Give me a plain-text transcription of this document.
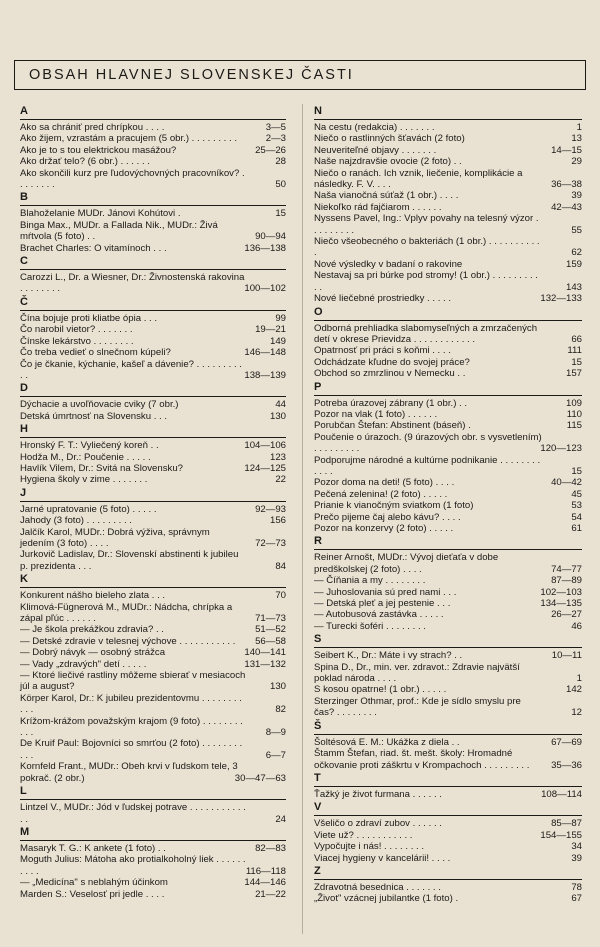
OBSAH HLAVNEJ SLOVENSKEJ ČASTI
A
Ako sa chrániť pred chrípkou . . . .	3—5
Ako žijem, vzrastám a pracujem (5 obr.) . . . . . . . . .	2—3
Ako je to s tou elektrickou masážou?	25—26
Ako držať telo? (6 obr.) . . . . . .	28
Ako skončili kurz pre ľudovýchovných pracovníkov? . . . . . . . .	50
B
Blahoželanie MUDr. Jánovi Kohútovi .	15
Binga Max., MUDr. a Fallada Nik., MUDr.: Živá mŕtvola (5 foto) . .	90—94
Brachet Charles: O vitamínoch . . .	136—138
C
Carozzi L., Dr. a Wiesner, Dr.: Živnostenská rakovina . . . . . . . .	100—102
Č
Čína bojuje proti kliatbe ópia . . .	99
Čo narobil vietor? . . . . . . .	19—21
Čínske lekárstvo . . . . . . . .	149
Čo treba vedieť o slnečnom kúpeli?	146—148
Čo je čkanie, kýchanie, kašeľ a dávenie? . . . . . . . . . . .	138—139
D
Dýchacie a uvoľňovacie cviky (7 obr.)	44
Detská úmrtnosť na Slovensku . . .	130
H
Hronský F. T.: Vyliečený koreň . .	104—106
Hodža M., Dr.: Poučenie . . . . .	123
Havlík Vilem, Dr.: Svitá na Slovensku?	124—125
Hygiena školy v zime . . . . . . .	22
J
Jarné upratovanie (5 foto) . . . . .	92—93
Jahody (3 foto) . . . . . . . . .	156
Jalčík Karol, MUDr.: Dobrá výživa, správnym jedením (3 foto) . . . .	72—73
Jurkovič Ladislav, Dr.: Slovenskí abstinenti k jubileu p. prezidenta . . .	84
K
Konkurent nášho bieleho zlata . . .	70
Klimová-Fügnerová M., MUDr.: Nádcha, chrípka a zápal pľúc . . . . . .	71—73
— Je škola prekážkou zdravia? . .	51—52
— Detské zdravie v telesnej výchove . . . . . . . . . . .	56—58
— Dobrý návyk — osobný strážca	140—141
— Vady „zdravých" detí . . . . .	131—132
— Ktoré liečivé rastliny môžeme sbierať v mesiacoch júl a august?	130
Körper Karol, Dr.: K jubileu prezidentovmu . . . . . . . . . . .	82
Krížom-krážom považským krajom (9 foto) . . . . . . . . . . .	8—9
De Kruif Paul: Bojovníci so smrťou (2 foto) . . . . . . . . . . .	6—7
Kornfeld Frant., MUDr.: Obeh krvi v ľudskom tele, 3 pokrač. (2 obr.)	30—47—63
L
Lintzel V., MUDr.: Jód v ľudskej potrave . . . . . . . . . . . . .	24
M
Masaryk T. G.: K ankete (1 foto) . .	82—83
Moguth Julius: Mátoha ako protialkoholný liek . . . . . . . . . .	116—118
— „Medicína" s neblahým účinkom	144—146
Marden S.: Veselosť pri jedle . . . .	21—22
N
Na cestu (redakcia) . . . . . . .	1
Niečo o rastlinných šťavách (2 foto)	13
Neuveriteľné objavy . . . . . . .	14—15
Naše najzdravšie ovocie (2 foto) . .	29
Niečo o ranách. Ich vznik, liečenie, komplikácie a následky. F. V. . . .	36—38
Naša vianočná súťaž (1 obr.) . . . .	39
Niekoľko rád fajčiarom . . . . . .	42—43
Nyssens Pavel, Ing.: Vplyv povahy na telesný výzor . . . . . . . . .	55
Niečo všeobecného o bakteriách (1 obr.) . . . . . . . . . . .	62
Nové výsledky v badaní o rakovine	159
Nestavaj sa pri búrke pod stromy! (1 obr.) . . . . . . . . . . .	143
Nové liečebné prostriedky . . . . .	132—133
O
Odborná prehliadka slabomyseľných a zmrzačených detí v okrese Prievidza . . . . . . . . . . . .	66
Opatrnosť pri práci s koňmi . . . .	111
Odchádzate kľudne do svojej práce?	15
Obchod so zmrzlinou v Nemecku . .	157
P
Potreba úrazovej zábrany (1 obr.) . .	109
Pozor na vlak (1 foto) . . . . . .	110
Porubčan Štefan: Abstinent (báseň) .	115
Poučenie o úrazoch. (9 úrazových obr. s vysvetlením) . . . . . . . . .	120—123
Podporujme národné a kultúrne podnikanie . . . . . . . . . . . .	15
Pozor doma na deti! (5 foto) . . . .	40—42
Pečená zelenina! (2 foto) . . . . .	45
Prianie k vianočným sviatkom (1 foto)	53
Prečo pijeme čaj alebo kávu? . . . .	54
Pozor na konzervy (2 foto) . . . . .	61
R
Reiner Arnošt, MUDr.: Vývoj dieťaťa v dobe predškolskej (2 foto) . . . .	74—77
— Číňania a my . . . . . . . .	87—89
— Juhoslovania sú pred nami . . .	102—103
— Detská pleť a jej pestenie . . .	134—135
— Autobusová zastávka . . . . .	26—27
— Turecki šoféri . . . . . . . .	46
S
Seibert K., Dr.: Máte i vy strach? . .	10—11
Spina D., Dr., min. ver. zdravot.: Zdravie najvätší poklad národa . . . .	1
S kosou opatrne! (1 obr.) . . . . .	142
Sterzinger Othmar, prof.: Kde je sídlo smyslu pre čas? . . . . . . . .	12
Š
Šoltésová E. M.: Ukážka z diela . .	67—69
Štamm Štefan, riad. št. mešt. školy: Hromadné očkovanie proti záškrtu v Krompachoch . . . . . . . . .	35—36
T
Ťažký je život furmana . . . . . .	108—114
V
Všeličo o zdraví zubov . . . . . .	85—87
Viete už? . . . . . . . . . . .	154—155
Vypočujte i nás! . . . . . . . .	34
Viacej hygieny v kancelárii! . . . .	39
Z
Zdravotná besednica . . . . . . .	78
„Život" vzácnej jubilantke (1 foto) .	67
